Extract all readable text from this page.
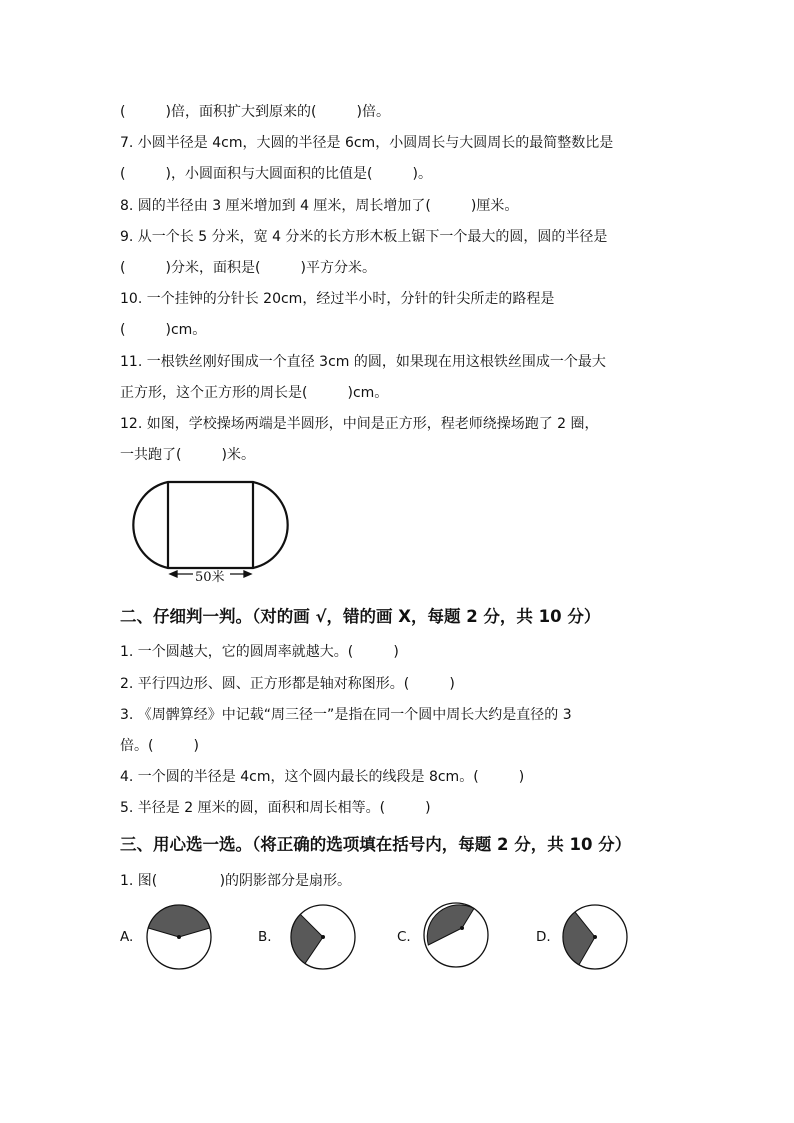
(         )倍，面积扩大到原来的(         )倍。
7. 小圆半径是 4cm，大圆的半径是 6cm，小圆周长与大圆周长的最简整数比是
(         )，小圆面积与大圆面积的比值是(         )。
8. 圆的半径由 3 厘米增加到 4 厘米，周长增加了(         )厘米。
9. 从一个长 5 分米，宽 4 分米的长方形木板上锯下一个最大的圆，圆的半径是
(         )分米，面积是(         )平方分米。
10. 一个挂钟的分针长 20cm，经过半小时，分针的针尖所走的路程是
(         )cm。
11. 一根铁丝刚好围成一个直径 3cm 的圆，如果现在用这根铁丝围成一个最大
正方形，这个正方形的周长是(         )cm。
12. 如图，学校操场两端是半圆形，中间是正方形，程老师绕操场跑了 2 圈，
一共跑了(         )米。
50米
二、仔细判一判。（对的画 √，错的画 X，每题 2 分，共 10 分）
1. 一个圆越大，它的圆周率就越大。(         )
2. 平行四边形、圆、正方形都是轴对称图形。(         )
3. 《周髀算经》中记载“周三径一”是指在同一个圆中周长大约是直径的 3
倍。(         )
4. 一个圆的半径是 4cm，这个圆内最长的线段是 8cm。(         )
5. 半径是 2 厘米的圆，面积和周长相等。(         )
三、用心选一选。（将正确的选项填在括号内，每题 2 分，共 10 分）
1. 图(              )的阴影部分是扇形。
A.	B.	C.	D.
